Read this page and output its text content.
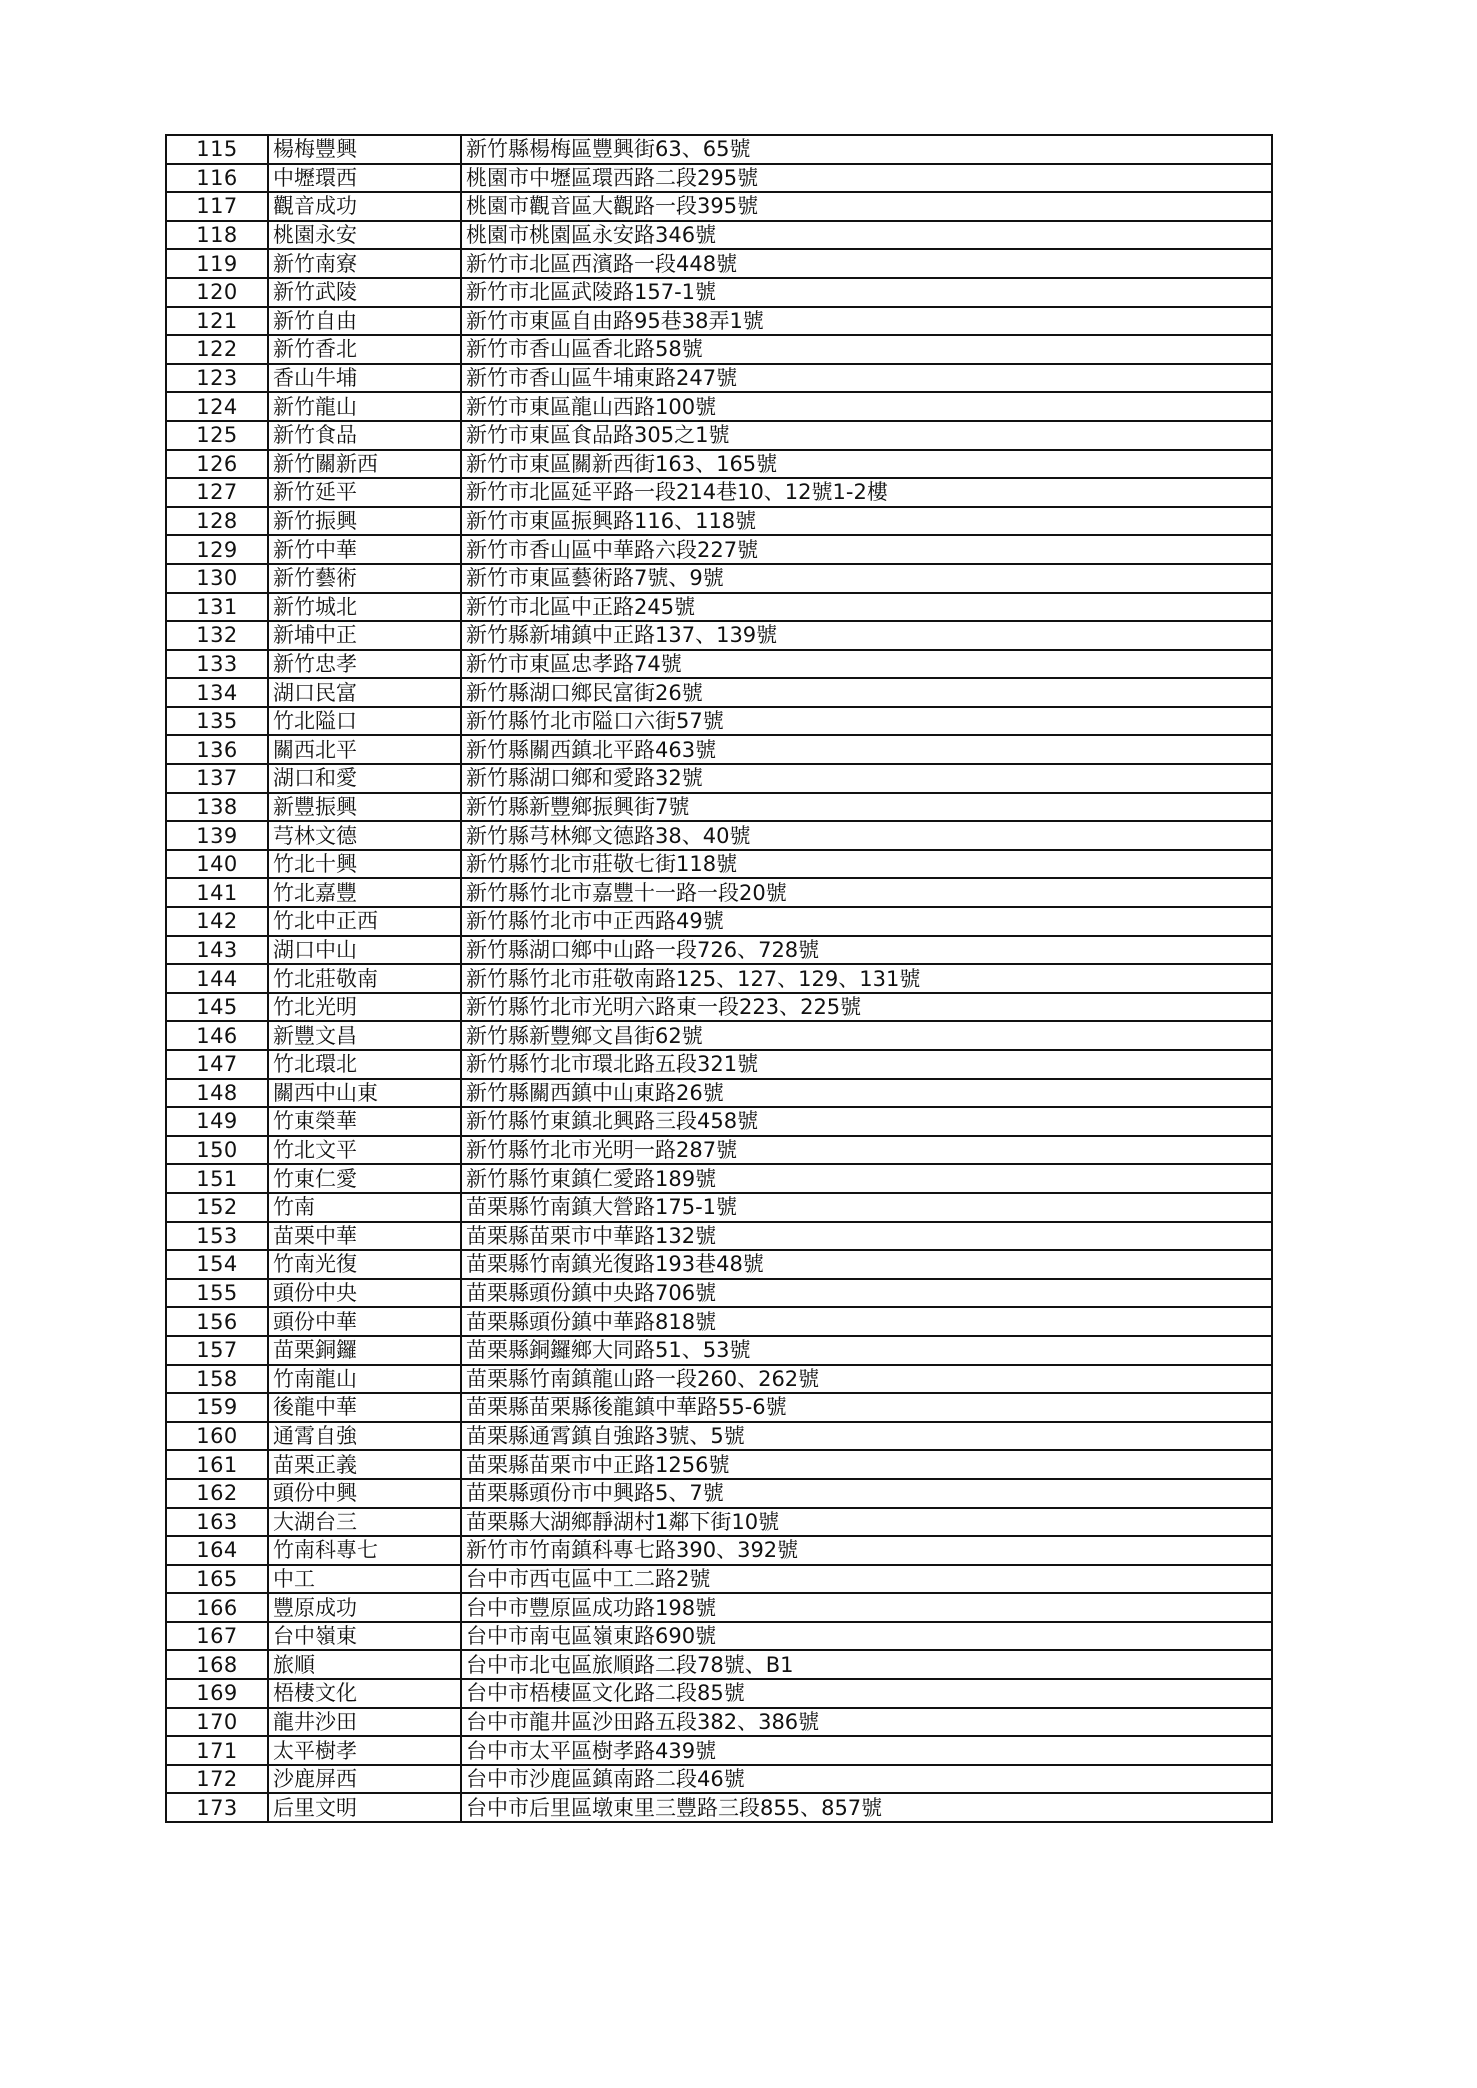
115	楊梅豐興	新竹縣楊梅區豐興街63、65號
116	中壢環西	桃園市中壢區環西路二段295號
117	觀音成功	桃園市觀音區大觀路一段395號
118	桃園永安	桃園市桃園區永安路346號
119	新竹南寮	新竹市北區西濱路一段448號
120	新竹武陵	新竹市北區武陵路157-1號
121	新竹自由	新竹市東區自由路95巷38弄1號
122	新竹香北	新竹市香山區香北路58號
123	香山牛埔	新竹市香山區牛埔東路247號
124	新竹龍山	新竹市東區龍山西路100號
125	新竹食品	新竹市東區食品路305之1號
126	新竹關新西	新竹市東區關新西街163、165號
127	新竹延平	新竹市北區延平路一段214巷10、12號1-2樓
128	新竹振興	新竹市東區振興路116、118號
129	新竹中華	新竹市香山區中華路六段227號
130	新竹藝術	新竹市東區藝術路7號、9號
131	新竹城北	新竹市北區中正路245號
132	新埔中正	新竹縣新埔鎮中正路137、139號
133	新竹忠孝	新竹市東區忠孝路74號
134	湖口民富	新竹縣湖口鄉民富街26號
135	竹北隘口	新竹縣竹北市隘口六街57號
136	關西北平	新竹縣關西鎮北平路463號
137	湖口和愛	新竹縣湖口鄉和愛路32號
138	新豐振興	新竹縣新豐鄉振興街7號
139	芎林文德	新竹縣芎林鄉文德路38、40號
140	竹北十興	新竹縣竹北市莊敬七街118號
141	竹北嘉豐	新竹縣竹北市嘉豐十一路一段20號
142	竹北中正西	新竹縣竹北市中正西路49號
143	湖口中山	新竹縣湖口鄉中山路一段726、728號
144	竹北莊敬南	新竹縣竹北市莊敬南路125、127、129、131號
145	竹北光明	新竹縣竹北市光明六路東一段223、225號
146	新豐文昌	新竹縣新豐鄉文昌街62號
147	竹北環北	新竹縣竹北市環北路五段321號
148	關西中山東	新竹縣關西鎮中山東路26號
149	竹東榮華	新竹縣竹東鎮北興路三段458號
150	竹北文平	新竹縣竹北市光明一路287號
151	竹東仁愛	新竹縣竹東鎮仁愛路189號
152	竹南	苗栗縣竹南鎮大營路175-1號
153	苗栗中華	苗栗縣苗栗市中華路132號
154	竹南光復	苗栗縣竹南鎮光復路193巷48號
155	頭份中央	苗栗縣頭份鎮中央路706號
156	頭份中華	苗栗縣頭份鎮中華路818號
157	苗栗銅鑼	苗栗縣銅鑼鄉大同路51、53號
158	竹南龍山	苗栗縣竹南鎮龍山路一段260、262號
159	後龍中華	苗栗縣苗栗縣後龍鎮中華路55-6號
160	通霄自強	苗栗縣通霄鎮自強路3號、5號
161	苗栗正義	苗栗縣苗栗市中正路1256號
162	頭份中興	苗栗縣頭份市中興路5、7號
163	大湖台三	苗栗縣大湖鄉靜湖村1鄰下街10號
164	竹南科專七	新竹市竹南鎮科專七路390、392號
165	中工	台中市西屯區中工二路2號
166	豐原成功	台中市豐原區成功路198號
167	台中嶺東	台中市南屯區嶺東路690號
168	旅順	台中市北屯區旅順路二段78號、B1
169	梧棲文化	台中市梧棲區文化路二段85號
170	龍井沙田	台中市龍井區沙田路五段382、386號
171	太平樹孝	台中市太平區樹孝路439號
172	沙鹿屏西	台中市沙鹿區鎮南路二段46號
173	后里文明	台中市后里區墩東里三豐路三段855、857號
